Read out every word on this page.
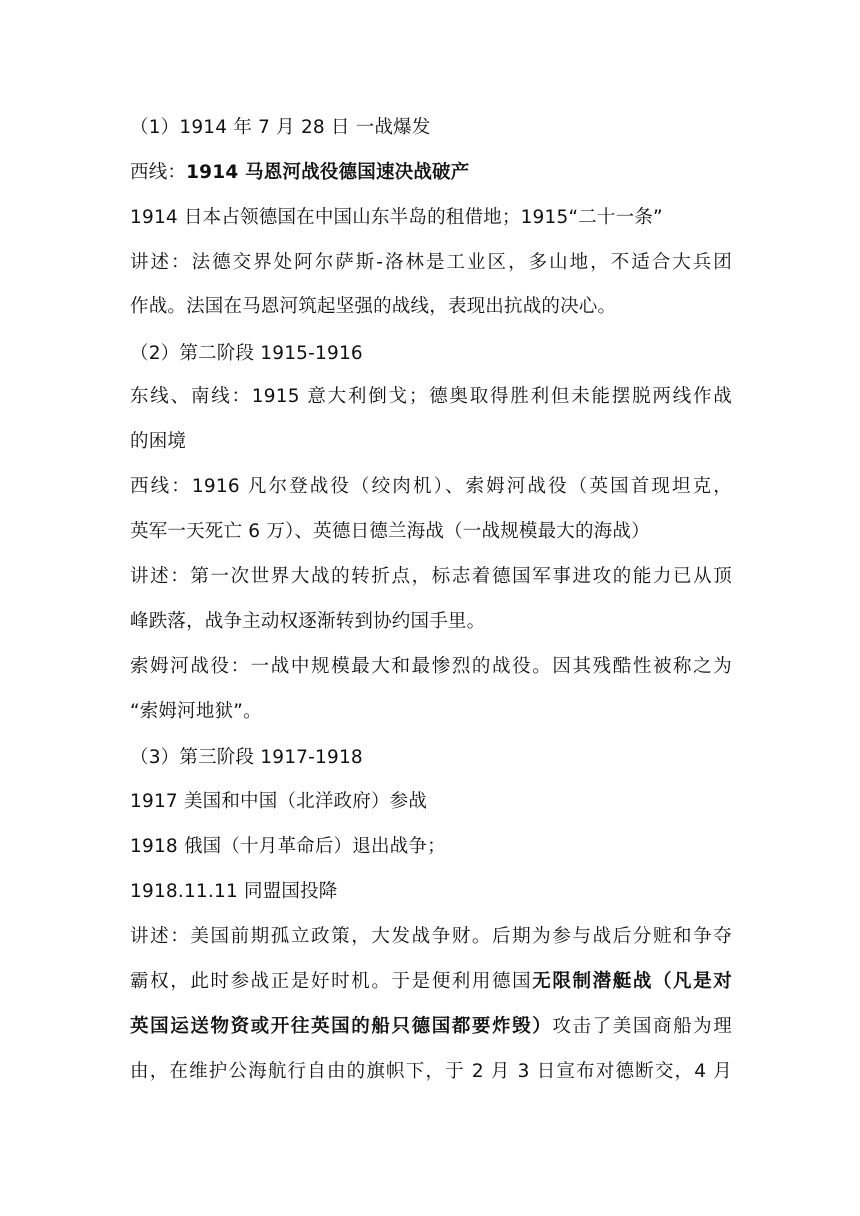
（1）1914 年 7 月 28 日 一战爆发
西线：1914 马恩河战役德国速决战破产
1914 日本占领德国在中国山东半岛的租借地；1915“二十一条”
讲述：法德交界处阿尔萨斯-洛林是工业区，多山地，不适合大兵团
作战。法国在马恩河筑起坚强的战线，表现出抗战的决心。
（2）第二阶段 1915-1916
东线、南线：1915 意大利倒戈；德奥取得胜利但未能摆脱两线作战
的困境
西线：1916 凡尔登战役（绞肉机）、索姆河战役（英国首现坦克，
英军一天死亡 6 万）、英德日德兰海战（一战规模最大的海战）
讲述：第一次世界大战的转折点，标志着德国军事进攻的能力已从顶
峰跌落，战争主动权逐渐转到协约国手里。
索姆河战役：一战中规模最大和最惨烈的战役。因其残酷性被称之为
“索姆河地狱”。
（3）第三阶段 1917-1918
1917 美国和中国（北洋政府）参战
1918 俄国（十月革命后）退出战争；
1918.11.11 同盟国投降
讲述：美国前期孤立政策，大发战争财。后期为参与战后分赃和争夺
霸权，此时参战正是好时机。于是便利用德国无限制潜艇战（凡是对
英国运送物资或开往英国的船只德国都要炸毁）攻击了美国商船为理
由，在维护公海航行自由的旗帜下，于 2 月 3 日宣布对德断交，4 月
